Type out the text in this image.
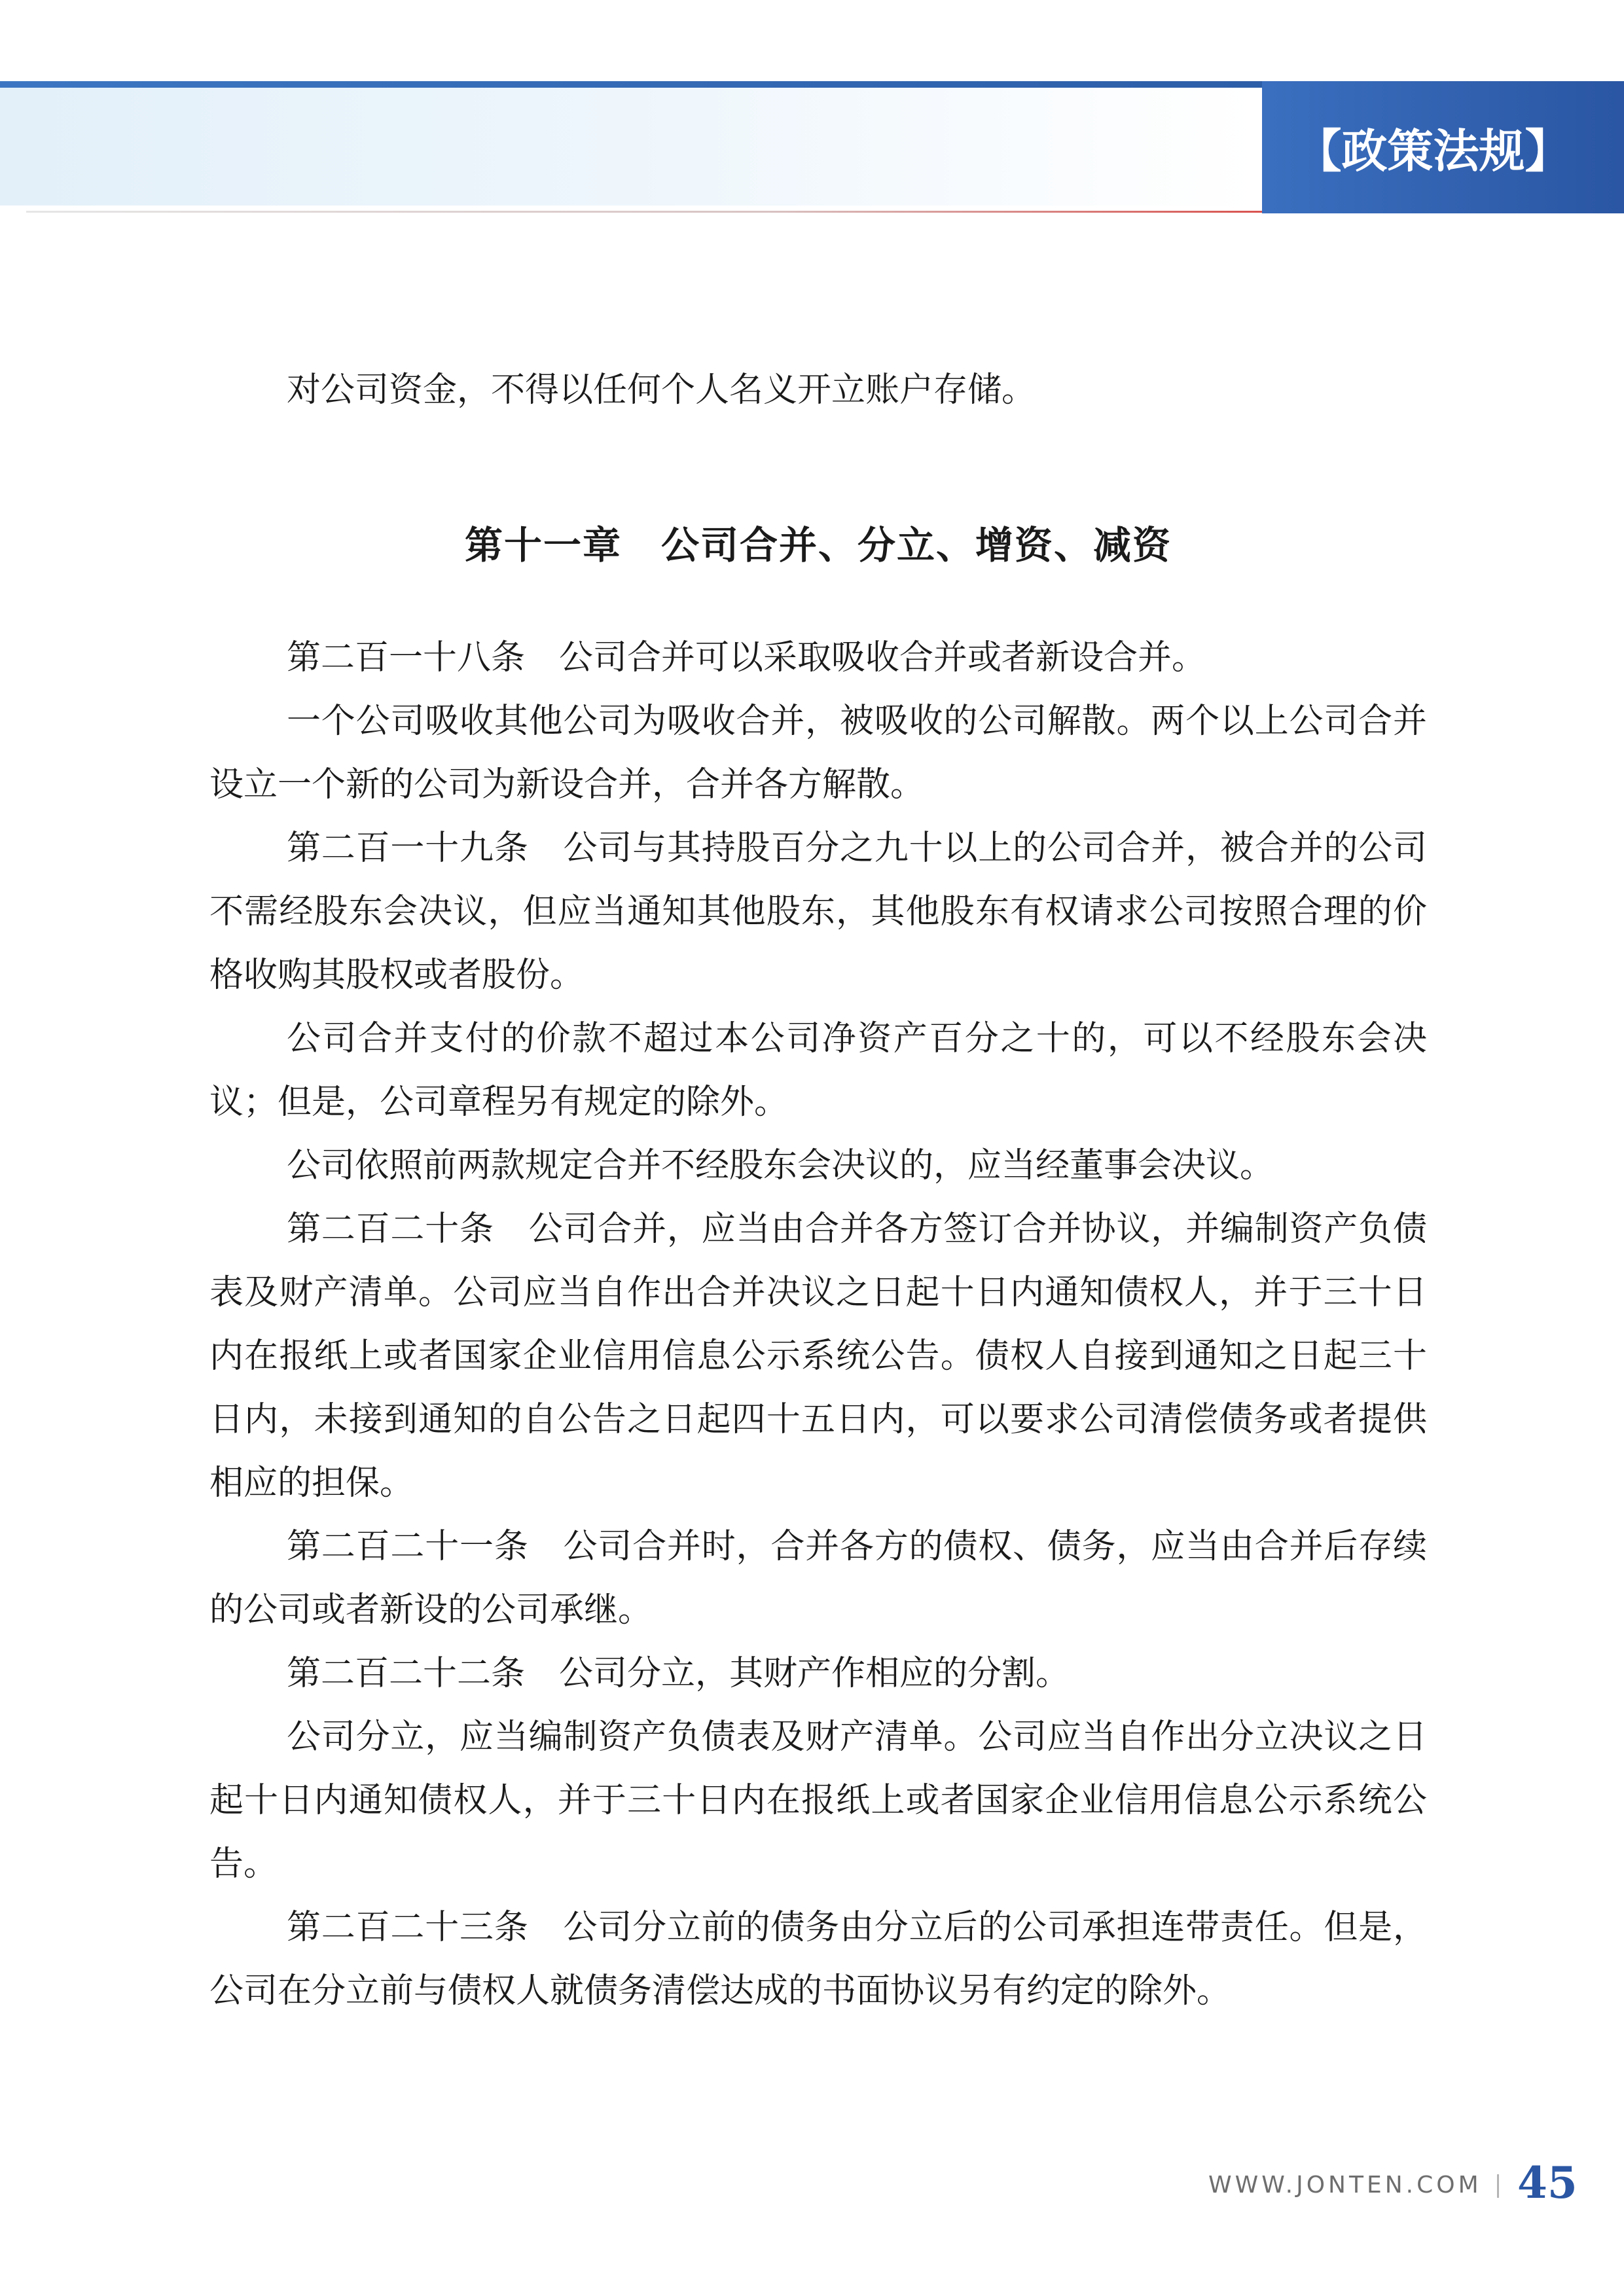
【政策法规】

对公司资金，不得以任何个人名义开立账户存储。

第十一章　公司合并、分立、增资、减资

第二百一十八条　公司合并可以采取吸收合并或者新设合并。

一个公司吸收其他公司为吸收合并，被吸收的公司解散。两个以上公司合并设立一个新的公司为新设合并，合并各方解散。

第二百一十九条　公司与其持股百分之九十以上的公司合并，被合并的公司不需经股东会决议，但应当通知其他股东，其他股东有权请求公司按照合理的价格收购其股权或者股份。

公司合并支付的价款不超过本公司净资产百分之十的，可以不经股东会决议；但是，公司章程另有规定的除外。

公司依照前两款规定合并不经股东会决议的，应当经董事会决议。

第二百二十条　公司合并，应当由合并各方签订合并协议，并编制资产负债表及财产清单。公司应当自作出合并决议之日起十日内通知债权人，并于三十日内在报纸上或者国家企业信用信息公示系统公告。债权人自接到通知之日起三十日内，未接到通知的自公告之日起四十五日内，可以要求公司清偿债务或者提供相应的担保。

第二百二十一条　公司合并时，合并各方的债权、债务，应当由合并后存续的公司或者新设的公司承继。

第二百二十二条　公司分立，其财产作相应的分割。

公司分立，应当编制资产负债表及财产清单。公司应当自作出分立决议之日起十日内通知债权人，并于三十日内在报纸上或者国家企业信用信息公示系统公告。

第二百二十三条　公司分立前的债务由分立后的公司承担连带责任。但是，公司在分立前与债权人就债务清偿达成的书面协议另有约定的除外。

WWW.JONTEN.COM 45
